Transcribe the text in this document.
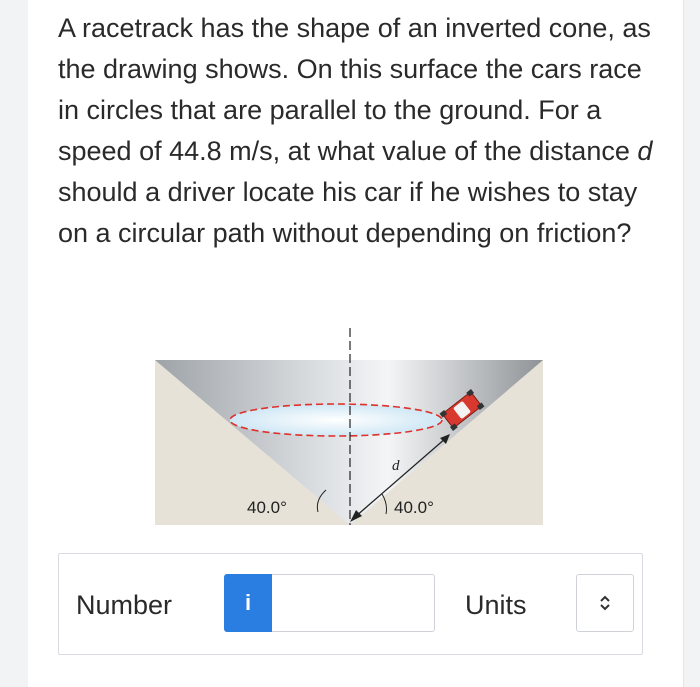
A racetrack has the shape of an inverted cone, as the drawing shows. On this surface the cars race in circles that are parallel to the ground. For a speed of 44.8 m/s, at what value of the distance d should a driver locate his car if he wishes to stay on a circular path without depending on friction?

d
40.0°	40.0°
Number	i	Units
